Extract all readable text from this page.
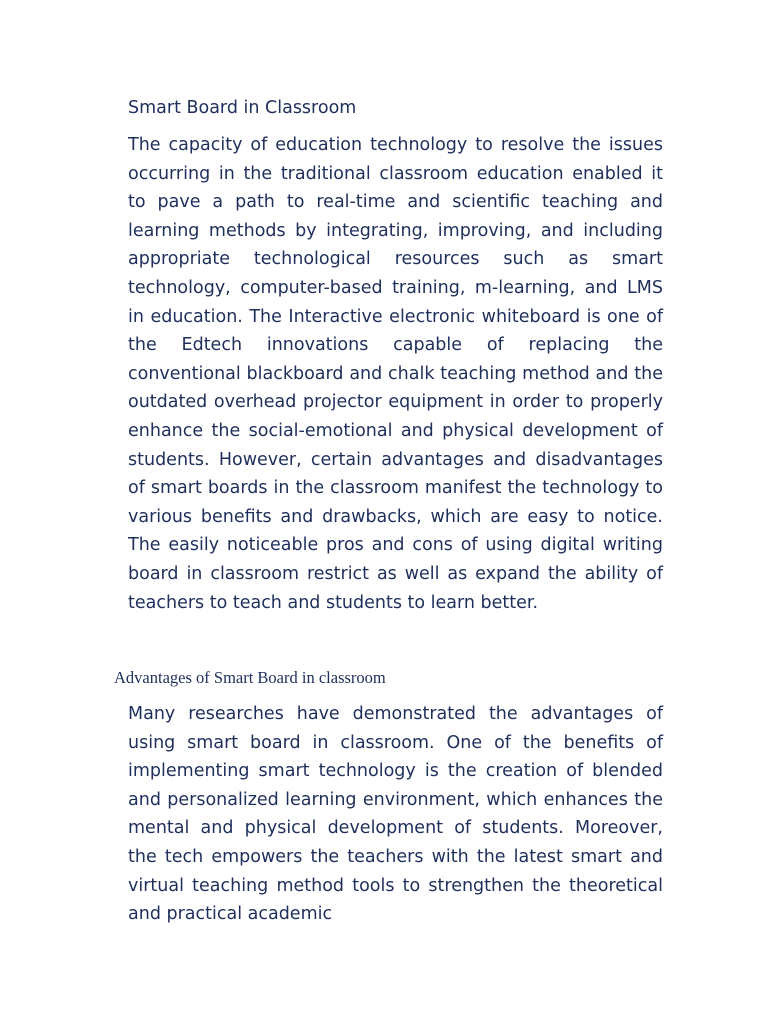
Smart Board in Classroom

The capacity of education technology to resolve the issues occurring in the traditional classroom education enabled it to pave a path to real-time and scientific teaching and learning methods by integrating, improving, and including appropriate technological resources such as smart technology, computer-based training, m-learning, and LMS in education. The Interactive electronic whiteboard is one of the Edtech innovations capable of replacing the conventional blackboard and chalk teaching method and the outdated overhead projector equipment in order to properly enhance the social-emotional and physical development of students. However, certain advantages and disadvantages of smart boards in the classroom manifest the technology to various benefits and drawbacks, which are easy to notice. The easily noticeable pros and cons of using digital writing board in classroom restrict as well as expand the ability of teachers to teach and students to learn better.

Advantages of Smart Board in classroom

Many researches have demonstrated the advantages of using smart board in classroom. One of the benefits of implementing smart technology is the creation of blended and personalized learning environment, which enhances the mental and physical development of students. Moreover, the tech empowers the teachers with the latest smart and virtual teaching method tools to strengthen the theoretical and practical academic
